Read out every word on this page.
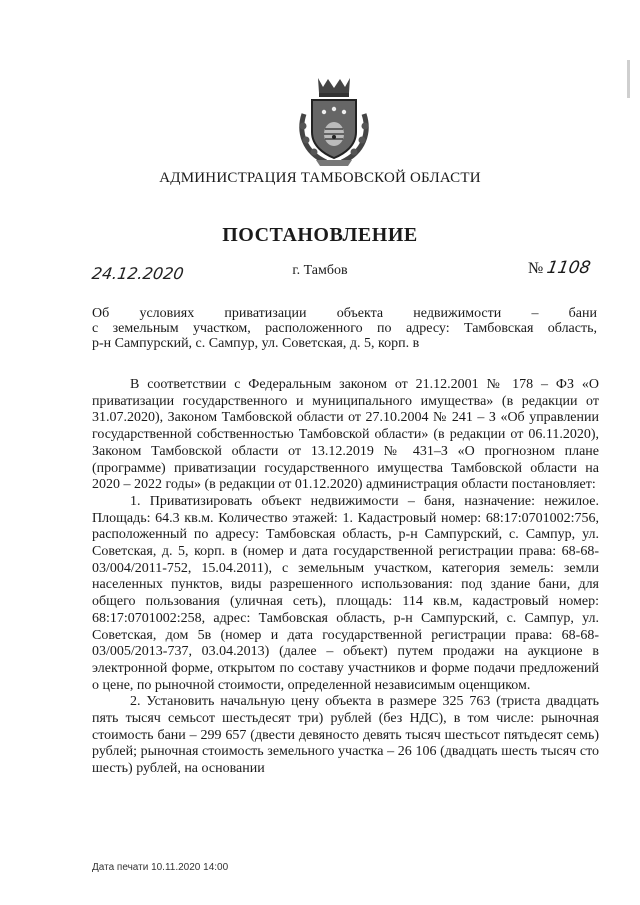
АДМИНИСТРАЦИЯ ТАМБОВСКОЙ ОБЛАСТИ
ПОСТАНОВЛЕНИЕ
24.12.2020	г. Тамбов	№ 1108
Об условиях приватизации объекта недвижимости – бани
с земельным участком, расположенного по адресу: Тамбовская область,
р-н Сампурский, с. Сампур, ул. Советская, д. 5, корп. в

В соответствии с Федеральным законом от 21.12.2001 № 178 – ФЗ «О приватизации государственного и муниципального имущества» (в редакции от 31.07.2020), Законом Тамбовской области от 27.10.2004 № 241 – З «Об управлении государственной собственностью Тамбовской области» (в редакции от 06.11.2020), Законом Тамбовской области от 13.12.2019 № 431–З «О прогнозном плане (программе) приватизации государственного имущества Тамбовской области на 2020 – 2022 годы» (в редакции от 01.12.2020) администрация области постановляет:

1. Приватизировать объект недвижимости – баня, назначение: нежилое. Площадь: 64.3 кв.м. Количество этажей: 1. Кадастровый номер: 68:17:0701002:756, расположенный по адресу: Тамбовская область, р-н Сампурский, с. Сампур, ул. Советская, д. 5, корп. в (номер и дата государственной регистрации права: 68-68-03/004/2011-752, 15.04.2011), с земельным участком, категория земель: земли населенных пунктов, виды разрешенного использования: под здание бани, для общего пользования (уличная сеть), площадь: 114 кв.м, кадастровый номер: 68:17:0701002:258, адрес: Тамбовская область, р-н Сампурский, с. Сампур, ул. Советская, дом 5в (номер и дата государственной регистрации права: 68-68-03/005/2013-737, 03.04.2013) (далее – объект) путем продажи на аукционе в электронной форме, открытом по составу участников и форме подачи предложений о цене, по рыночной стоимости, определенной независимым оценщиком.

2. Установить начальную цену объекта в размере 325 763 (триста двадцать пять тысяч семьсот шестьдесят три) рублей (без НДС), в том числе: рыночная стоимость бани – 299 657 (двести девяносто девять тысяч шестьсот пятьдесят семь) рублей; рыночная стоимость земельного участка – 26 106 (двадцать шесть тысяч сто шесть) рублей, на основании

Дата печати 10.11.2020 14:00
